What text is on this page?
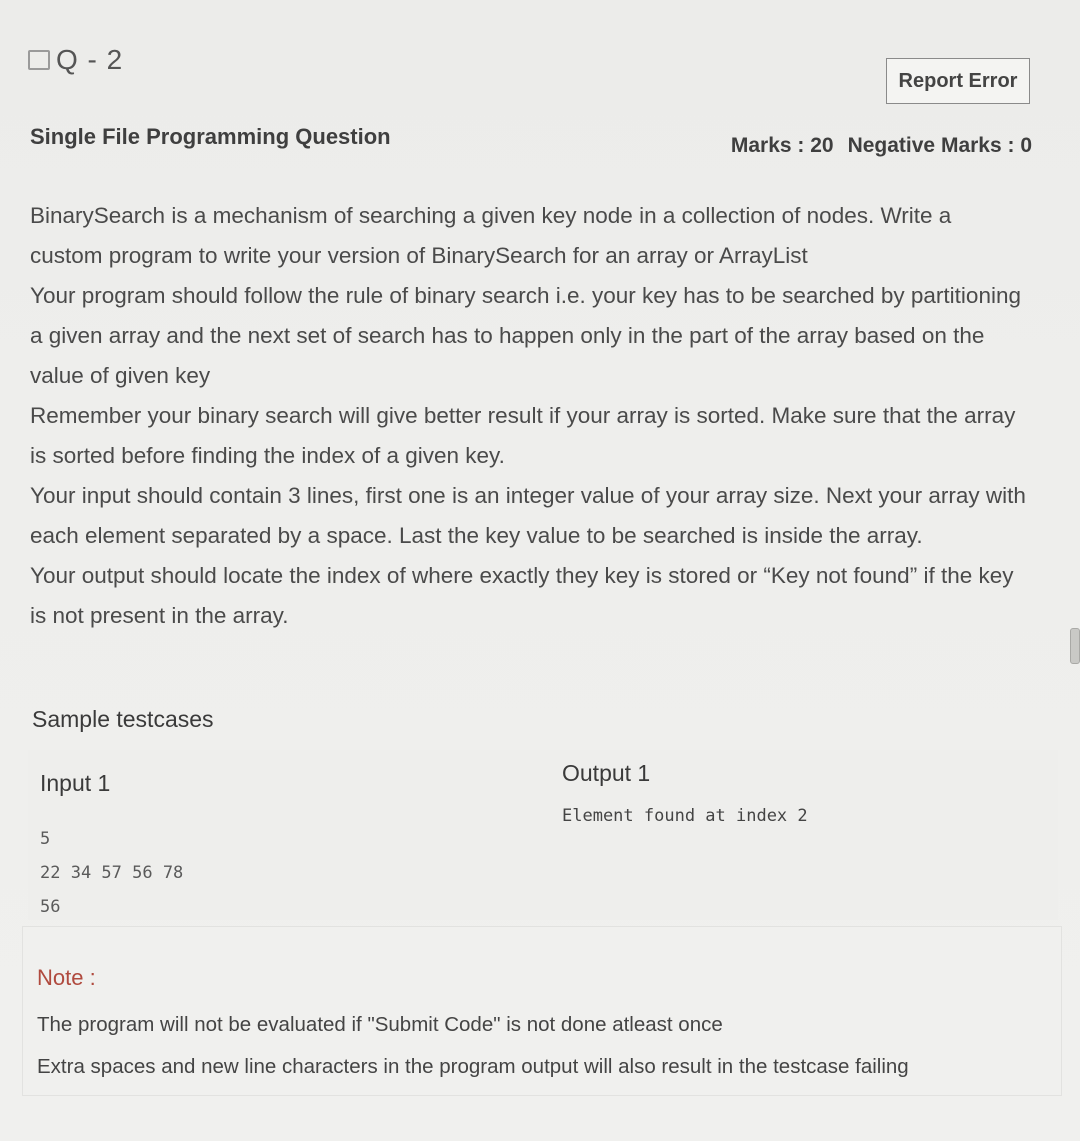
Q - 2
Report Error
Single File Programming Question	Marks : 20 Negative Marks : 0

BinarySearch is a mechanism of searching a given key node in a collection of nodes. Write a custom program to write your version of BinarySearch for an array or ArrayList

Your program should follow the rule of binary search i.e. your key has to be searched by partitioning a given array and the next set of search has to happen only in the part of the array based on the value of given key

Remember your binary search will give better result if your array is sorted. Make sure that the array is sorted before finding the index of a given key.

Your input should contain 3 lines, first one is an integer value of your array size. Next your array with each element separated by a space. Last the key value to be searched is inside the array.

Your output should locate the index of where exactly they key is stored or “Key not found” if the key is not present in the array.

Sample testcases
Input 1
5
22 34 57 56 78
56
Output 1
Element found at index 2
Note :
The program will not be evaluated if "Submit Code" is not done atleast once
Extra spaces and new line characters in the program output will also result in the testcase failing
